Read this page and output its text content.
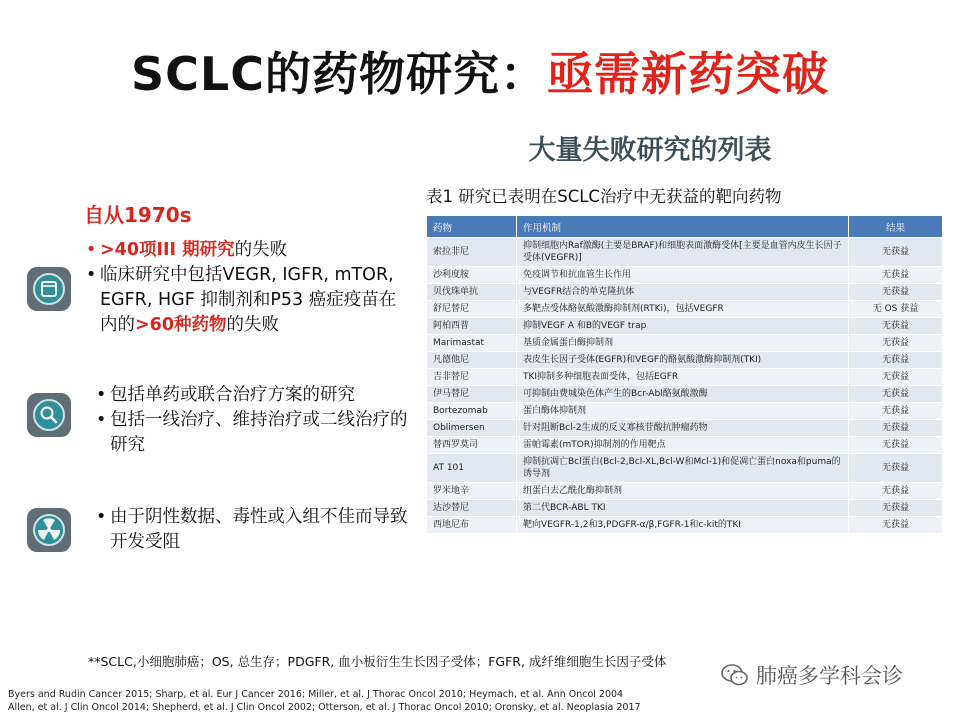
SCLC的药物研究：亟需新药突破
大量失败研究的列表
自从1970s
• >40项III 期研究的失败
• 临床研究中包括VEGR, IGFR, mTOR, EGFR, HGF 抑制剂和P53 癌症疫苗在内的>60种药物的失败
• 包括单药或联合治疗方案的研究
• 包括一线治疗、维持治疗或二线治疗的研究
• 由于阴性数据、毒性或入组不佳而导致开发受阻
表1 研究已表明在SCLC治疗中无获益的靶向药物
药物	作用机制	结果
索拉非尼	抑制细胞内Raf激酶(主要是BRAF)和细胞表面激酶受体[主要是血管内皮生长因子受体(VEGFR)]	无获益
沙利度胺	免疫调节和抗血管生长作用	无获益
贝伐珠单抗	与VEGFR结合的单克隆抗体	无获益
舒尼替尼	多靶点受体酪氨酸激酶抑制剂(RTKi)，包括VEGFR	无 OS 获益
阿柏西普	抑制VEGF A 和B的VEGF trap	无获益
Marimastat	基质金属蛋白酶抑制剂	无获益
凡德他尼	表皮生长因子受体(EGFR)和VEGF的酪氨酸激酶抑制剂(TKI)	无获益
吉非替尼	TKI抑制多种细胞表面受体，包括EGFR	无获益
伊马替尼	可抑制由费城染色体产生的Bcr-Abl酪氨酸激酶	无获益
Bortezomab	蛋白酶体抑制剂	无获益
Oblimersen	针对阻断Bcl-2生成的反义寡核苷酸抗肿瘤药物	无获益
替西罗莫司	雷帕霉素(mTOR)抑制剂的作用靶点	无获益
AT 101	抑制抗凋亡Bcl蛋白(Bcl-2,Bcl-XL,Bcl-W和Mcl-1)和促凋亡蛋白noxa和puma的诱导剂	无获益
罗米地辛	组蛋白去乙酰化酶抑制剂	无获益
达沙替尼	第二代BCR-ABL TKI	无获益
西地尼布	靶向VEGFR-1,2和3,PDGFR-α/β,FGFR-1和c-kit的TKI	无获益
**SCLC,小细胞肺癌；OS, 总生存；PDGFR, 血小板衍生生长因子受体；FGFR, 成纤维细胞生长因子受体
Byers and Rudin Cancer 2015; Sharp, et al. Eur J Cancer 2016; Miller, et al. J Thorac Oncol 2010; Heymach, et al. Ann Oncol 2004
Allen, et al. J Clin Oncol 2014; Shepherd, et al. J Clin Oncol 2002; Otterson, et al. J Thorac Oncol 2010; Oronsky, et al. Neoplasia 2017
肺癌多学科会诊
